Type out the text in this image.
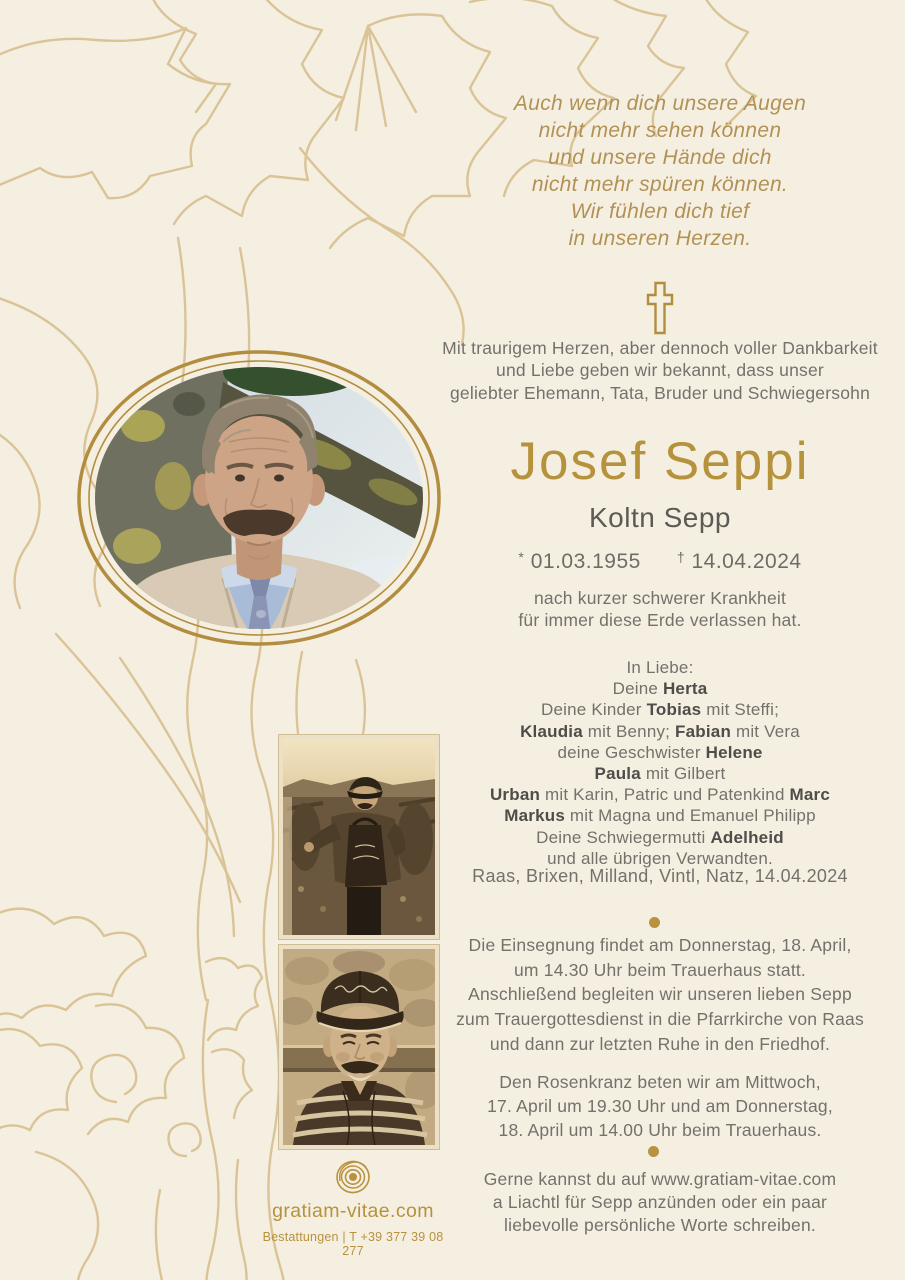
Auch wenn dich unsere Augen
nicht mehr sehen können
und unsere Hände dich
nicht mehr spüren können.
Wir fühlen dich tief
in unseren Herzen.
Mit traurigem Herzen, aber dennoch voller Dankbarkeit
und Liebe geben wir bekannt, dass unser
geliebter Ehemann, Tata, Bruder und Schwiegersohn
Josef Seppi
Koltn Sepp
* 01.03.1955	† 14.04.2024
nach kurzer schwerer Krankheit
für immer diese Erde verlassen hat.
In Liebe:
Deine Herta
Deine Kinder Tobias mit Steffi;
Klaudia mit Benny; Fabian mit Vera
deine Geschwister Helene
Paula mit Gilbert
Urban mit Karin, Patric und Patenkind Marc
Markus mit Magna und Emanuel Philipp
Deine Schwiegermutti Adelheid
und alle übrigen Verwandten.
Raas, Brixen, Milland, Vintl, Natz, 14.04.2024
Die Einsegnung findet am Donnerstag, 18. April,
um 14.30 Uhr beim Trauerhaus statt.
Anschließend begleiten wir unseren lieben Sepp
zum Trauergottesdienst in die Pfarrkirche von Raas
und dann zur letzten Ruhe in den Friedhof.
Den Rosenkranz beten wir am Mittwoch,
17. April um 19.30 Uhr und am Donnerstag,
18. April um 14.00 Uhr beim Trauerhaus.
Gerne kannst du auf www.gratiam-vitae.com
a Liachtl für Sepp anzünden oder ein paar
liebevolle persönliche Worte schreiben.
gratiam-vitae.com
Bestattungen | T +39 377 39 08 277
